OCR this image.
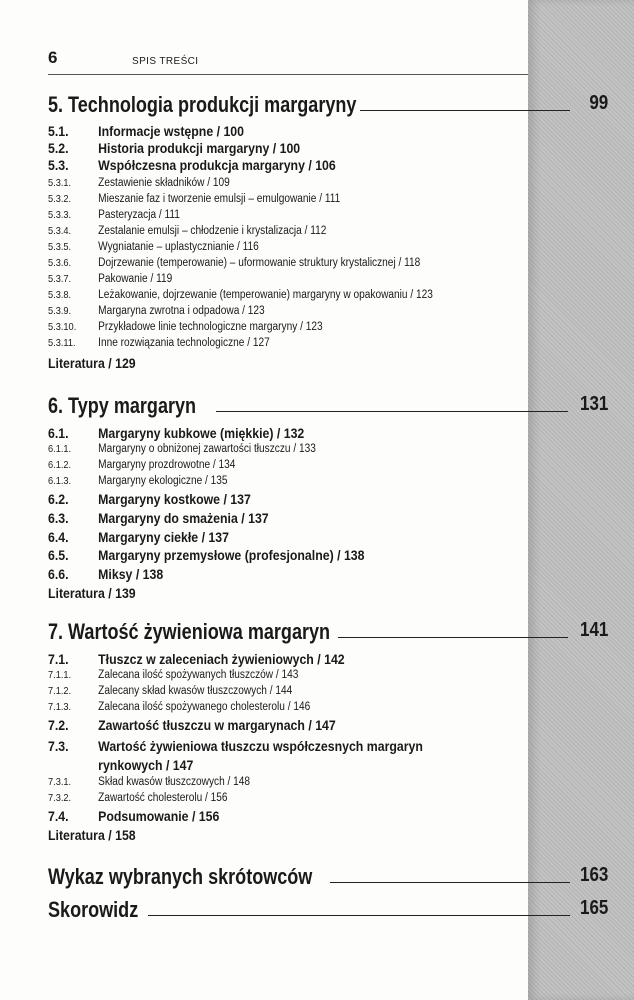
6	SPIS TREŚCI
5. Technologia produkcji margaryny	99
5.1. Informacje wstępne / 100
5.2. Historia produkcji margaryny / 100
5.3. Współczesna produkcja margaryny / 106
5.3.1. Zestawienie składników / 109
5.3.2. Mieszanie faz i tworzenie emulsji – emulgowanie / 111
5.3.3. Pasteryzacja / 111
5.3.4. Zestalanie emulsji – chłodzenie i krystalizacja / 112
5.3.5. Wygniatanie – uplastycznianie / 116
5.3.6. Dojrzewanie (temperowanie) – uformowanie struktury krystalicznej / 118
5.3.7. Pakowanie / 119
5.3.8. Leżakowanie, dojrzewanie (temperowanie) margaryny w opakowaniu / 123
5.3.9. Margaryna zwrotna i odpadowa / 123
5.3.10. Przykładowe linie technologiczne margaryny / 123
5.3.11. Inne rozwiązania technologiczne / 127
Literatura / 129
6. Typy margaryn	131
6.1. Margaryny kubkowe (miękkie) / 132
6.1.1. Margaryny o obniżonej zawartości tłuszczu / 133
6.1.2. Margaryny prozdrowotne / 134
6.1.3. Margaryny ekologiczne / 135
6.2. Margaryny kostkowe / 137
6.3. Margaryny do smażenia / 137
6.4. Margaryny ciekłe / 137
6.5. Margaryny przemysłowe (profesjonalne) / 138
6.6. Miksy / 138
Literatura / 139
7. Wartość żywieniowa margaryn	141
7.1. Tłuszcz w zaleceniach żywieniowych / 142
7.1.1. Zalecana ilość spożywanych tłuszczów / 143
7.1.2. Zalecany skład kwasów tłuszczowych / 144
7.1.3. Zalecana ilość spożywanego cholesterolu / 146
7.2. Zawartość tłuszczu w margarynach / 147
7.3. Wartość żywieniowa tłuszczu współczesnych margaryn
rynkowych / 147
7.3.1. Skład kwasów tłuszczowych / 148
7.3.2. Zawartość cholesterolu / 156
7.4. Podsumowanie / 156
Literatura / 158
Wykaz wybranych skrótowców	163
Skorowidz	165
